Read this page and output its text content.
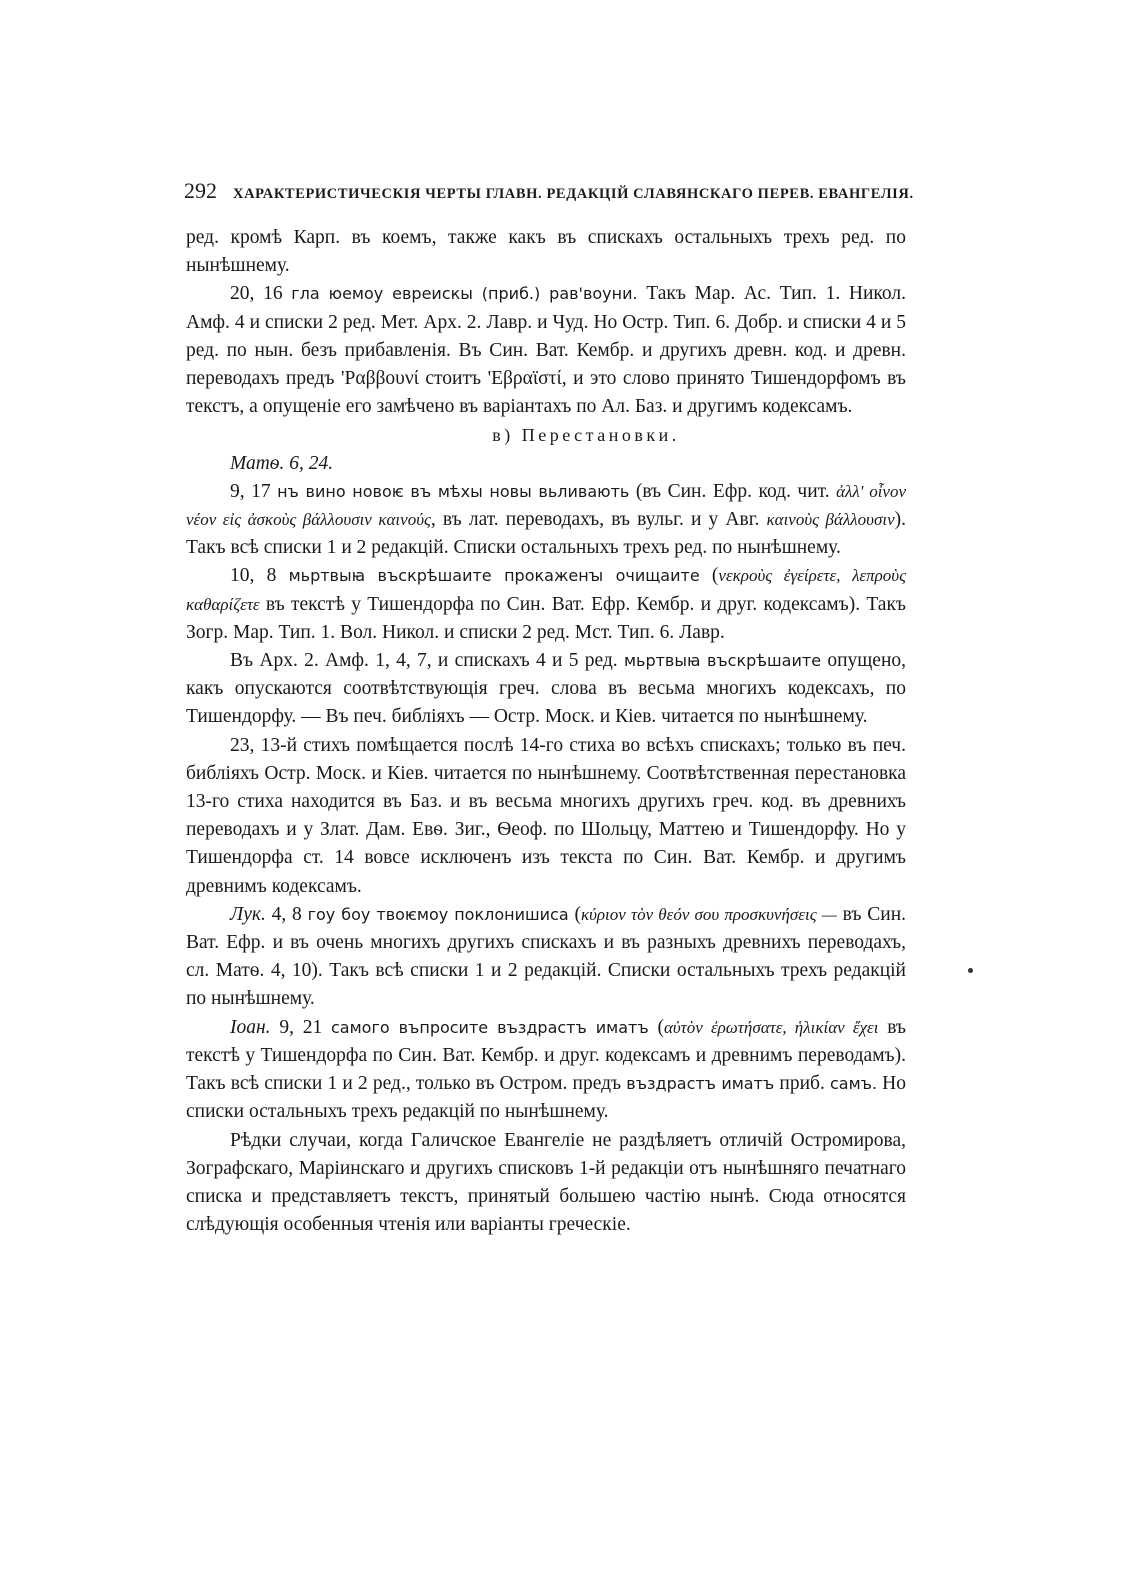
292 ХАРАКТЕРИСТИЧЕСКІЯ ЧЕРТЫ ГЛАВН. РЕДАКЦІЙ СЛАВЯНСКАГО ПЕРЕВ. ЕВАНГЕЛІЯ.

ред. кромѣ Карп. въ коемъ, также какъ въ спискахъ остальныхъ трехъ ред. по нынѣшнему.

20, 16 гла юемоу евреискы (приб.) рав'воуни. Такъ Мар. Ас. Тип. 1. Никол. Амф. 4 и списки 2 ред. Мет. Арх. 2. Лавр. и Чуд. Но Остр. Тип. 6. Добр. и списки 4 и 5 ред. по нын. безъ прибавленія. Въ Син. Ват. Кембр. и другихъ древн. код. и древн. переводахъ предъ 'Ραββουνί стоитъ 'Εβραϊστί, и это слово принято Тишендорфомъ въ текстъ, а опущеніе его замѣчено въ варіантахъ по Ал. Баз. и другимъ кодексамъ.

в) Перестановки.

Матѳ. 6, 24.

9, 17 нъ вино новоѥ въ мѣхы новы вьливають (въ Син. Ефр. код. чит. ἀλλ' οἶνον νέον εἰς ἀσκοὺς βάλλουσιν καινούς, въ лат. переводахъ, въ вульг. и у Авг. καινοὺς βάλλουσιν). Такъ всѣ списки 1 и 2 редакцій. Списки остальныхъ трехъ ред. по нынѣшнему.

10, 8 мьртвыꙗ въскрѣшаите прокаженꙑ очищаите (νεκροὺς ἐγείρετε, λεπροὺς καθαρίζετε въ текстѣ у Тишендорфа по Син. Ват. Ефр. Кембр. и друг. кодексамъ). Такъ Зогр. Мар. Тип. 1. Вол. Никол. и списки 2 ред. Мст. Тип. 6. Лавр.

Въ Арх. 2. Амф. 1, 4, 7, и спискахъ 4 и 5 ред. мьртвыꙗ въскрѣшаите опущено, какъ опускаются соотвѣтствующія греч. слова въ весьма многихъ кодексахъ, по Тишендорфу. — Въ печ. библіяхъ — Остр. Моск. и Кіев. читается по нынѣшнему.

23, 13-й стихъ помѣщается послѣ 14-го стиха во всѣхъ спискахъ; только въ печ. библіяхъ Остр. Моск. и Кіев. читается по нынѣшнему. Соотвѣтственная перестановка 13-го стиха находится въ Баз. и въ весьма многихъ другихъ греч. код. въ древнихъ переводахъ и у Злат. Дам. Евѳ. Зиг., Ѳеоф. по Шольцу, Маттею и Тишендорфу. Но у Тишендорфа ст. 14 вовсе исключенъ изъ текста по Син. Ват. Кембр. и другимъ древнимъ кодексамъ.

Лук. 4, 8 гоу боу твоѥмоу поклонишиса (κύριον τὸν θεόν σου προσκυνήσεις — въ Син. Ват. Ефр. и въ очень многихъ другихъ спискахъ и въ разныхъ древнихъ переводахъ, сл. Матѳ. 4, 10). Такъ всѣ списки 1 и 2 редакцій. Списки остальныхъ трехъ редакцій по нынѣшнему.

Іоан. 9, 21 самого въпросите въздрастъ иматъ (αὐτὸν ἐρωτήσατε, ἡλικίαν ἔχει въ текстѣ у Тишендорфа по Син. Ват. Кембр. и друг. кодексамъ и древнимъ переводамъ). Такъ всѣ списки 1 и 2 ред., только въ Остром. предъ въздрастъ иматъ приб. самъ. Но списки остальныхъ трехъ редакцій по нынѣшнему.

Рѣдки случаи, когда Галичское Евангеліе не раздѣляетъ отличій Остромирова, Зографскаго, Маріинскаго и другихъ списковъ 1-й редакціи отъ нынѣшняго печатнаго списка и представляетъ текстъ, принятый большею частію нынѣ. Сюда относятся слѣдующія особенныя чтенія или варіанты греческіе.
